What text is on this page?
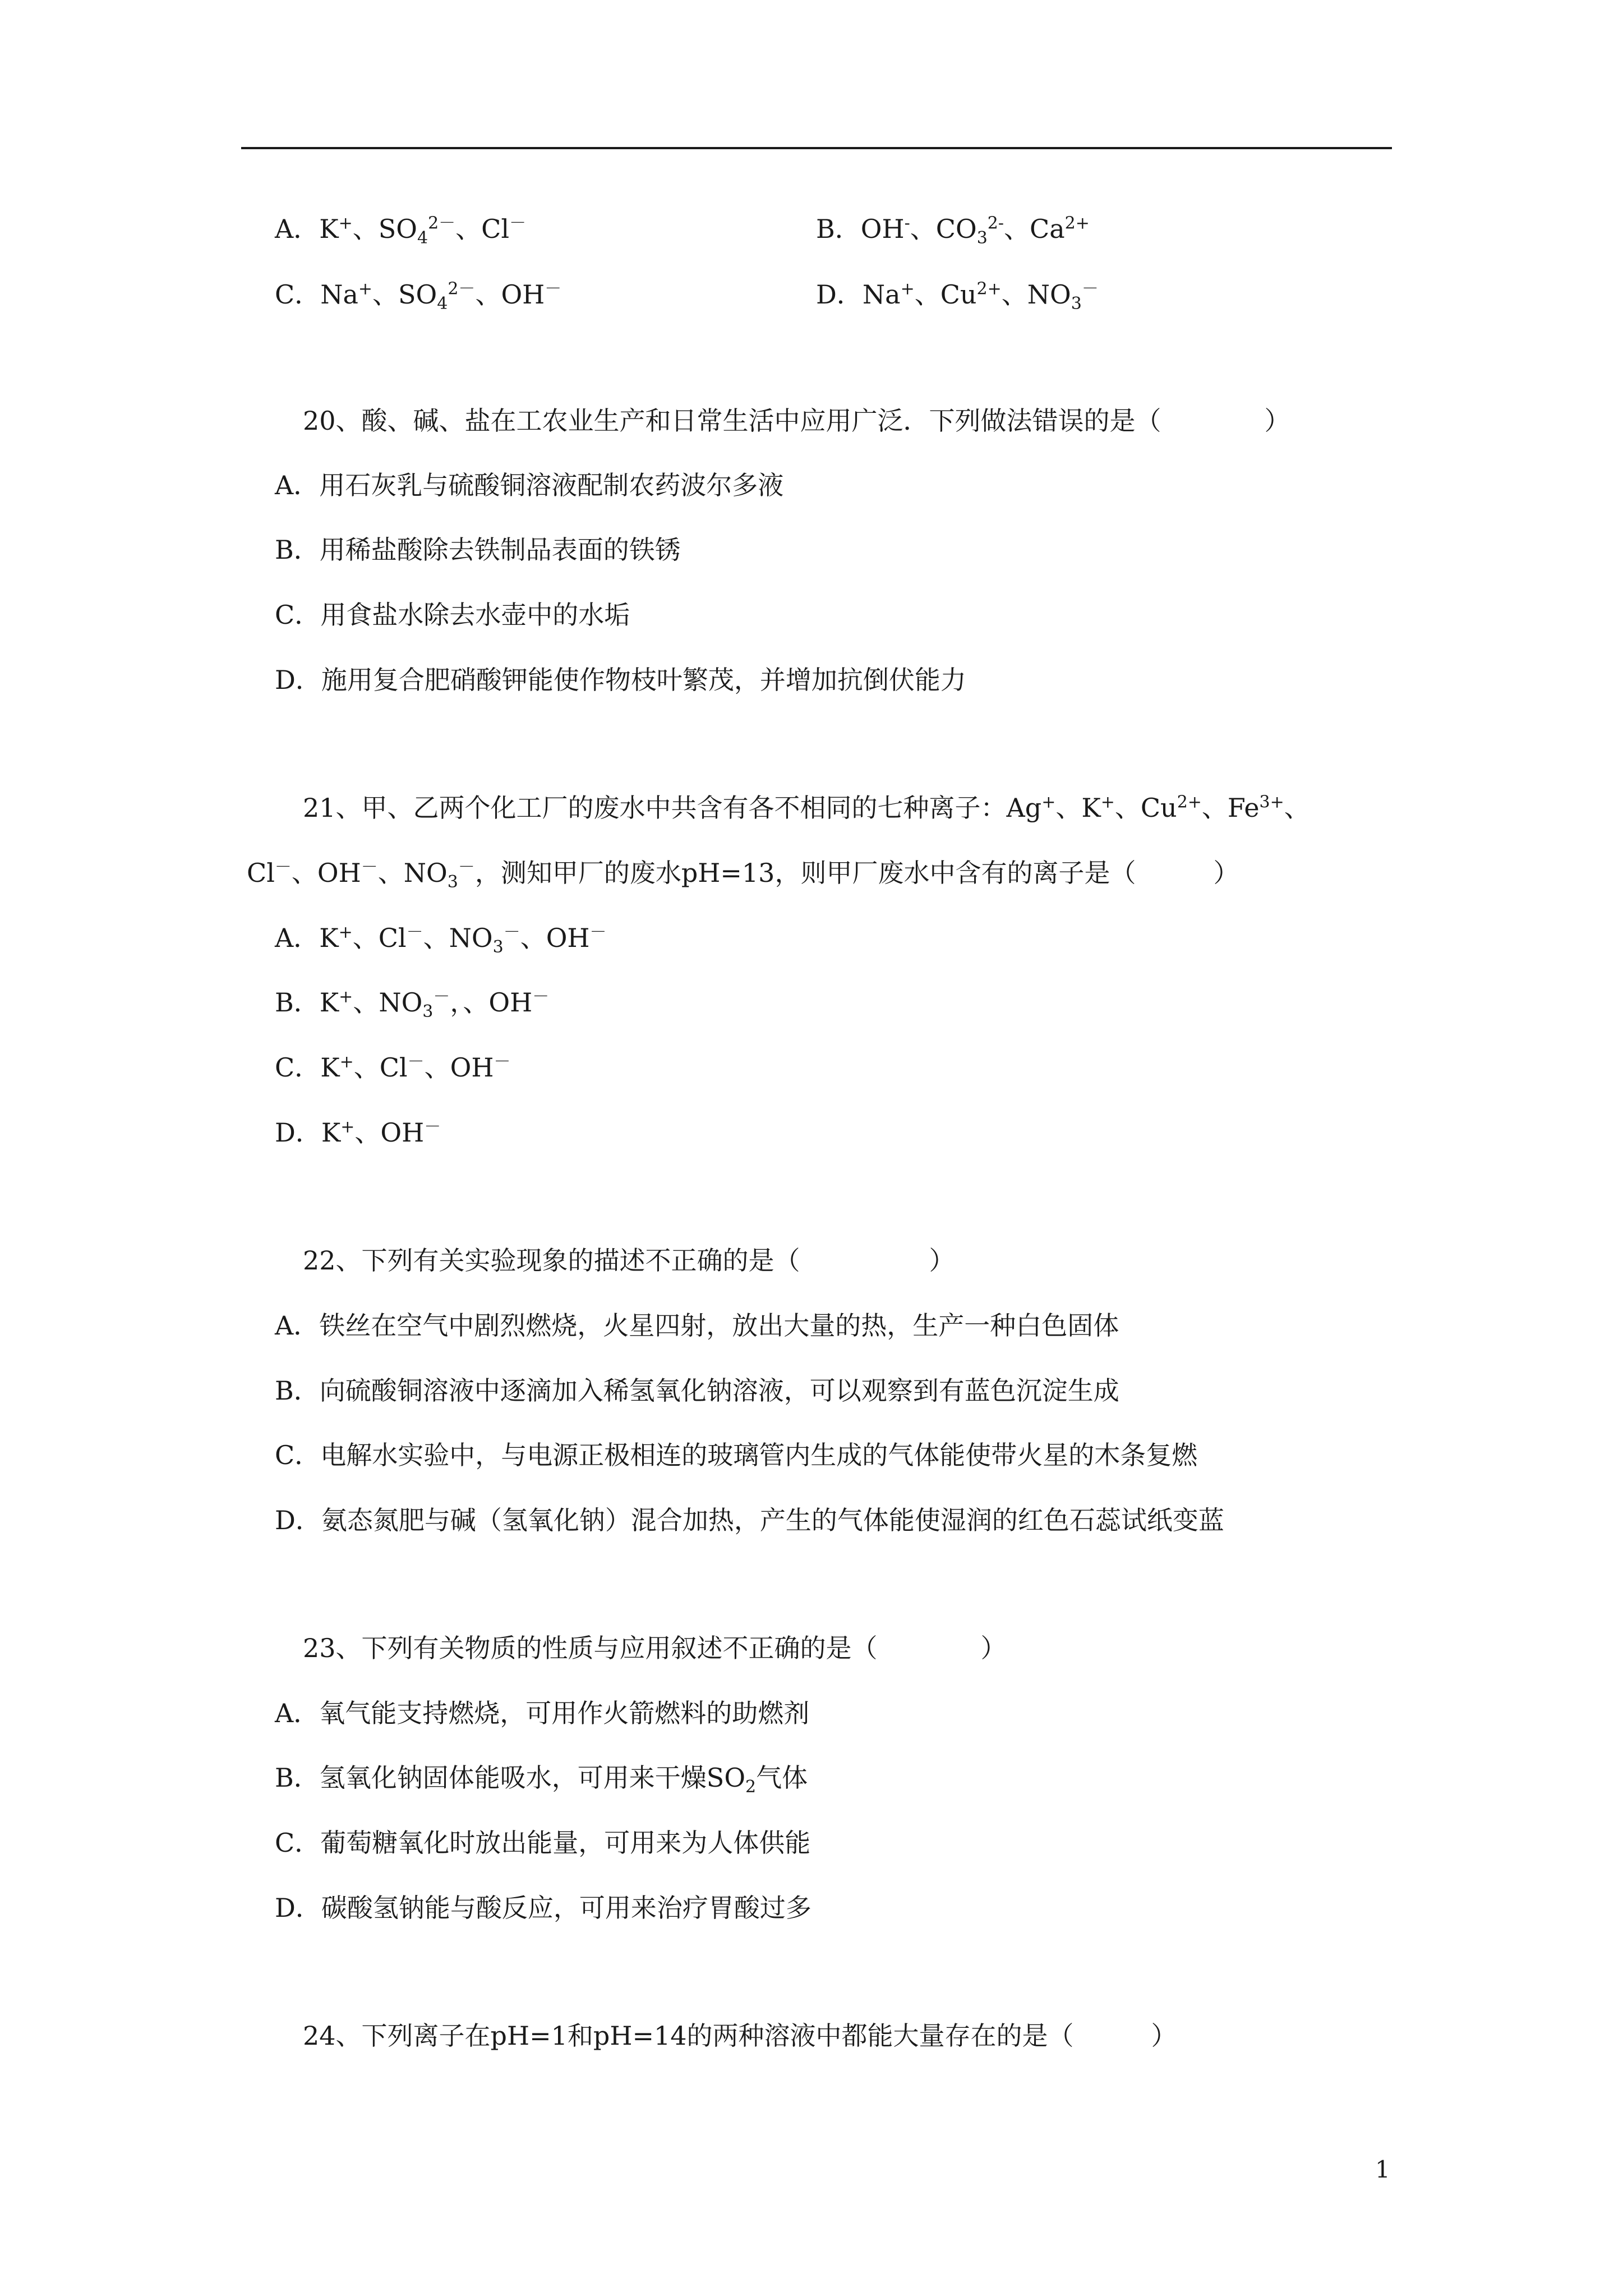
A．K+、$SO_4^{2-}$、Cl－	B．OH-、$CO_3^{2-}$、$Ca^{2+}$
C．Na+、$SO_4^{2-}$、OH－	D．Na+、$Cu^{2+}$、$NO_3^-$
20、酸、碱、盐在工农业生产和日常生活中应用广泛．下列做法错误的是（　　　　）
A．用石灰乳与硫酸铜溶液配制农药波尔多液
B．用稀盐酸除去铁制品表面的铁锈
C．用食盐水除去水壶中的水垢
D．施用复合肥硝酸钾能使作物枝叶繁茂，并增加抗倒伏能力
21、甲、乙两个化工厂的废水中共含有各不相同的七种离子：Ag+、K+、$Cu^{2+}$、$Fe^{3+}$、
Cl－、OH－、$NO_3^-$，测知甲厂的废水pH=13，则甲厂废水中含有的离子是（　　　）
A．K+、Cl－、$NO_3^-$、OH－
B．K+、$NO_3^-$，、OH－
C．K+、Cl－、OH－
D．K+、OH－
22、下列有关实验现象的描述不正确的是（　　　　　）
A．铁丝在空气中剧烈燃烧，火星四射，放出大量的热，生产一种白色固体
B．向硫酸铜溶液中逐滴加入稀氢氧化钠溶液，可以观察到有蓝色沉淀生成
C．电解水实验中，与电源正极相连的玻璃管内生成的气体能使带火星的木条复燃
D．氨态氮肥与碱（氢氧化钠）混合加热，产生的气体能使湿润的红色石蕊试纸变蓝
23、下列有关物质的性质与应用叙述不正确的是（　　　　）
A．氧气能支持燃烧，可用作火箭燃料的助燃剂
B．氢氧化钠固体能吸水，可用来干燥$SO_2$气体
C．葡萄糖氧化时放出能量，可用来为人体供能
D．碳酸氢钠能与酸反应，可用来治疗胃酸过多
24、下列离子在pH=1和pH=14的两种溶液中都能大量存在的是（　　　）
1
